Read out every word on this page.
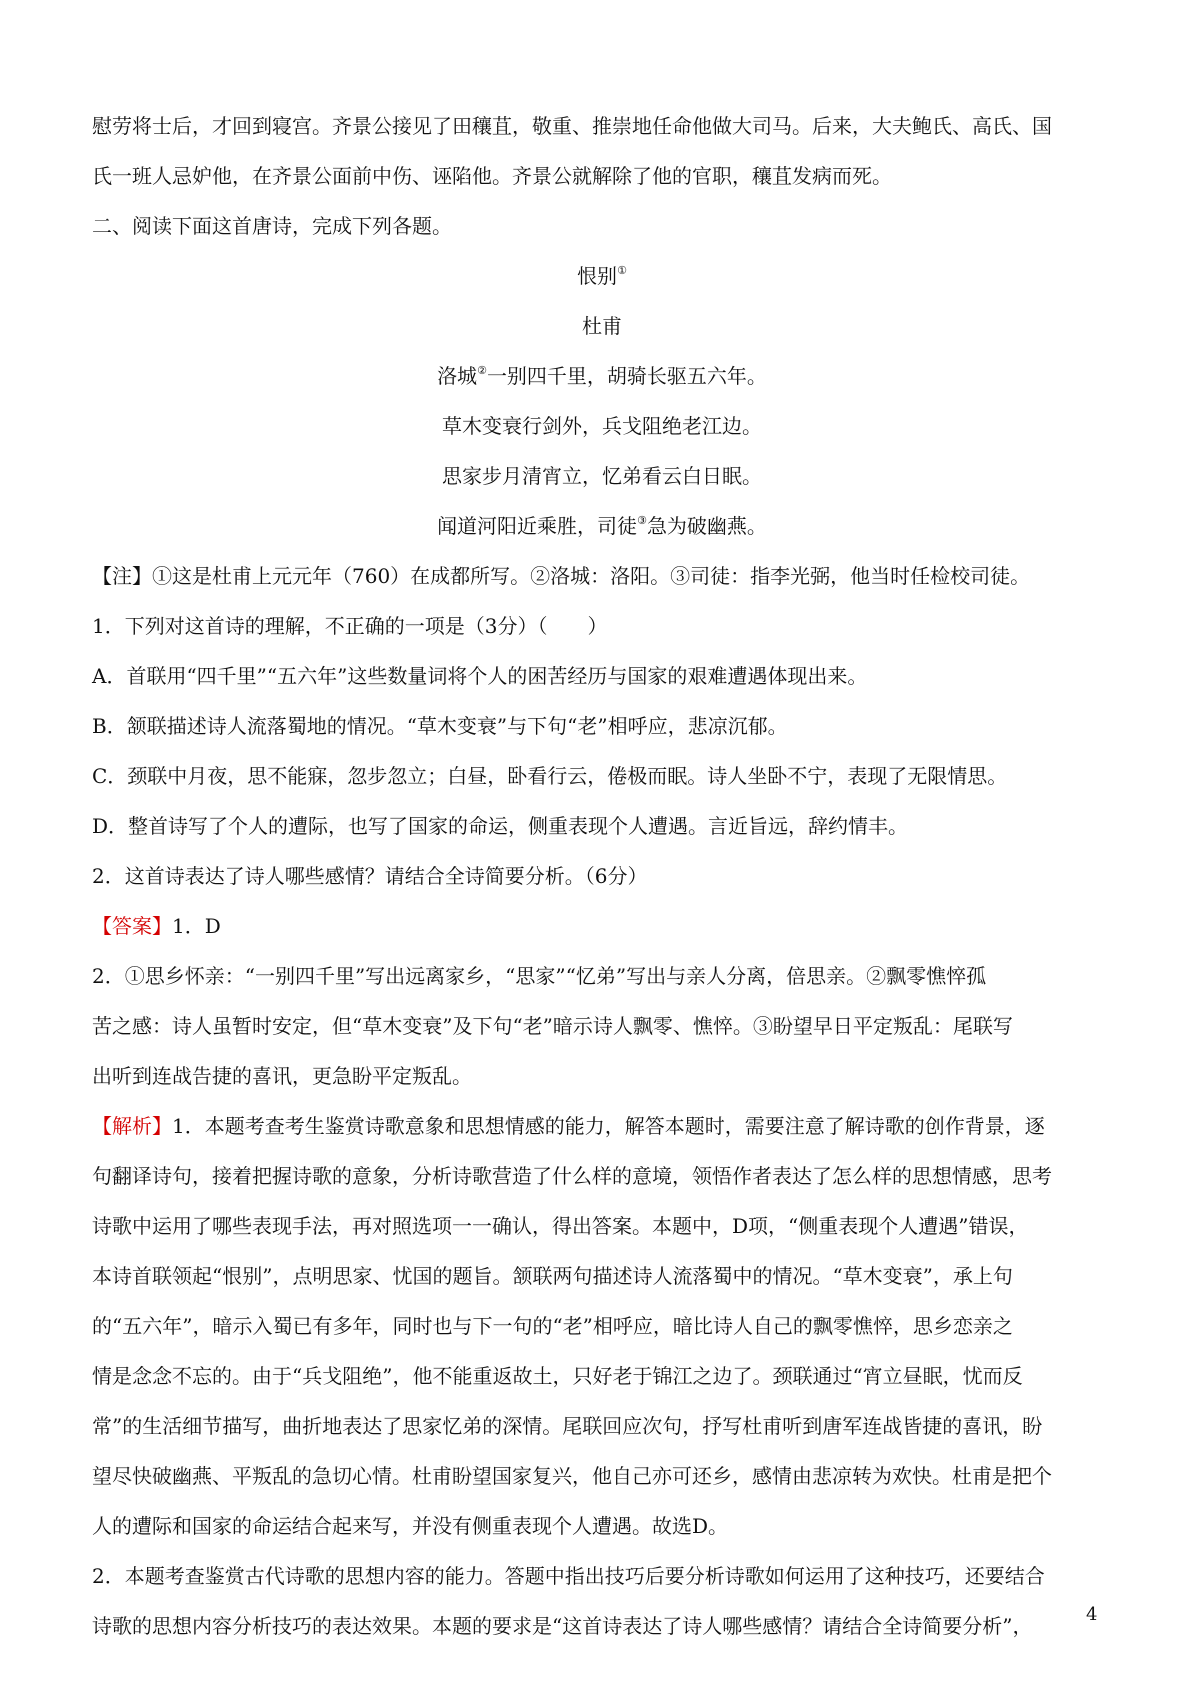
慰劳将士后，才回到寝宫。齐景公接见了田穰苴，敬重、推崇地任命他做大司马。后来，大夫鲍氏、高氏、国

氏一班人忌妒他，在齐景公面前中伤、诬陷他。齐景公就解除了他的官职，穰苴发病而死。

二、阅读下面这首唐诗，完成下列各题。

恨别①

杜甫

洛城②一别四千里，胡骑长驱五六年。

草木变衰行剑外，兵戈阻绝老江边。

思家步月清宵立，忆弟看云白日眠。

闻道河阳近乘胜，司徒③急为破幽燕。

【注】①这是杜甫上元元年（760）在成都所写。②洛城：洛阳。③司徒：指李光弼，他当时任检校司徒。

1．下列对这首诗的理解，不正确的一项是（3分）（　　）

A．首联用“四千里”“五六年”这些数量词将个人的困苦经历与国家的艰难遭遇体现出来。

B．颔联描述诗人流落蜀地的情况。“草木变衰”与下句“老”相呼应，悲凉沉郁。

C．颈联中月夜，思不能寐，忽步忽立；白昼，卧看行云，倦极而眠。诗人坐卧不宁，表现了无限情思。

D．整首诗写了个人的遭际，也写了国家的命运，侧重表现个人遭遇。言近旨远，辞约情丰。

2．这首诗表达了诗人哪些感情？请结合全诗简要分析。（6分）

【答案】1．D

2．①思乡怀亲：“一别四千里”写出远离家乡，“思家”“忆弟”写出与亲人分离，倍思亲。②飘零憔悴孤

苦之感：诗人虽暂时安定，但“草木变衰”及下句“老”暗示诗人飘零、憔悴。③盼望早日平定叛乱：尾联写

出听到连战告捷的喜讯，更急盼平定叛乱。

【解析】1．本题考查考生鉴赏诗歌意象和思想情感的能力，解答本题时，需要注意了解诗歌的创作背景，逐

句翻译诗句，接着把握诗歌的意象，分析诗歌营造了什么样的意境，领悟作者表达了怎么样的思想情感，思考

诗歌中运用了哪些表现手法，再对照选项一一确认，得出答案。本题中，D项，“侧重表现个人遭遇”错误，

本诗首联领起“恨别”，点明思家、忧国的题旨。颔联两句描述诗人流落蜀中的情况。“草木变衰”，承上句

的“五六年”，暗示入蜀已有多年，同时也与下一句的“老”相呼应，暗比诗人自己的飘零憔悴，思乡恋亲之

情是念念不忘的。由于“兵戈阻绝”，他不能重返故土，只好老于锦江之边了。颈联通过“宵立昼眠，忧而反

常”的生活细节描写，曲折地表达了思家忆弟的深情。尾联回应次句，抒写杜甫听到唐军连战皆捷的喜讯，盼

望尽快破幽燕、平叛乱的急切心情。杜甫盼望国家复兴，他自己亦可还乡，感情由悲凉转为欢快。杜甫是把个

人的遭际和国家的命运结合起来写，并没有侧重表现个人遭遇。故选D。

2．本题考查鉴赏古代诗歌的思想内容的能力。答题中指出技巧后要分析诗歌如何运用了这种技巧，还要结合

诗歌的思想内容分析技巧的表达效果。本题的要求是“这首诗表达了诗人哪些感情？请结合全诗简要分析”，	4
